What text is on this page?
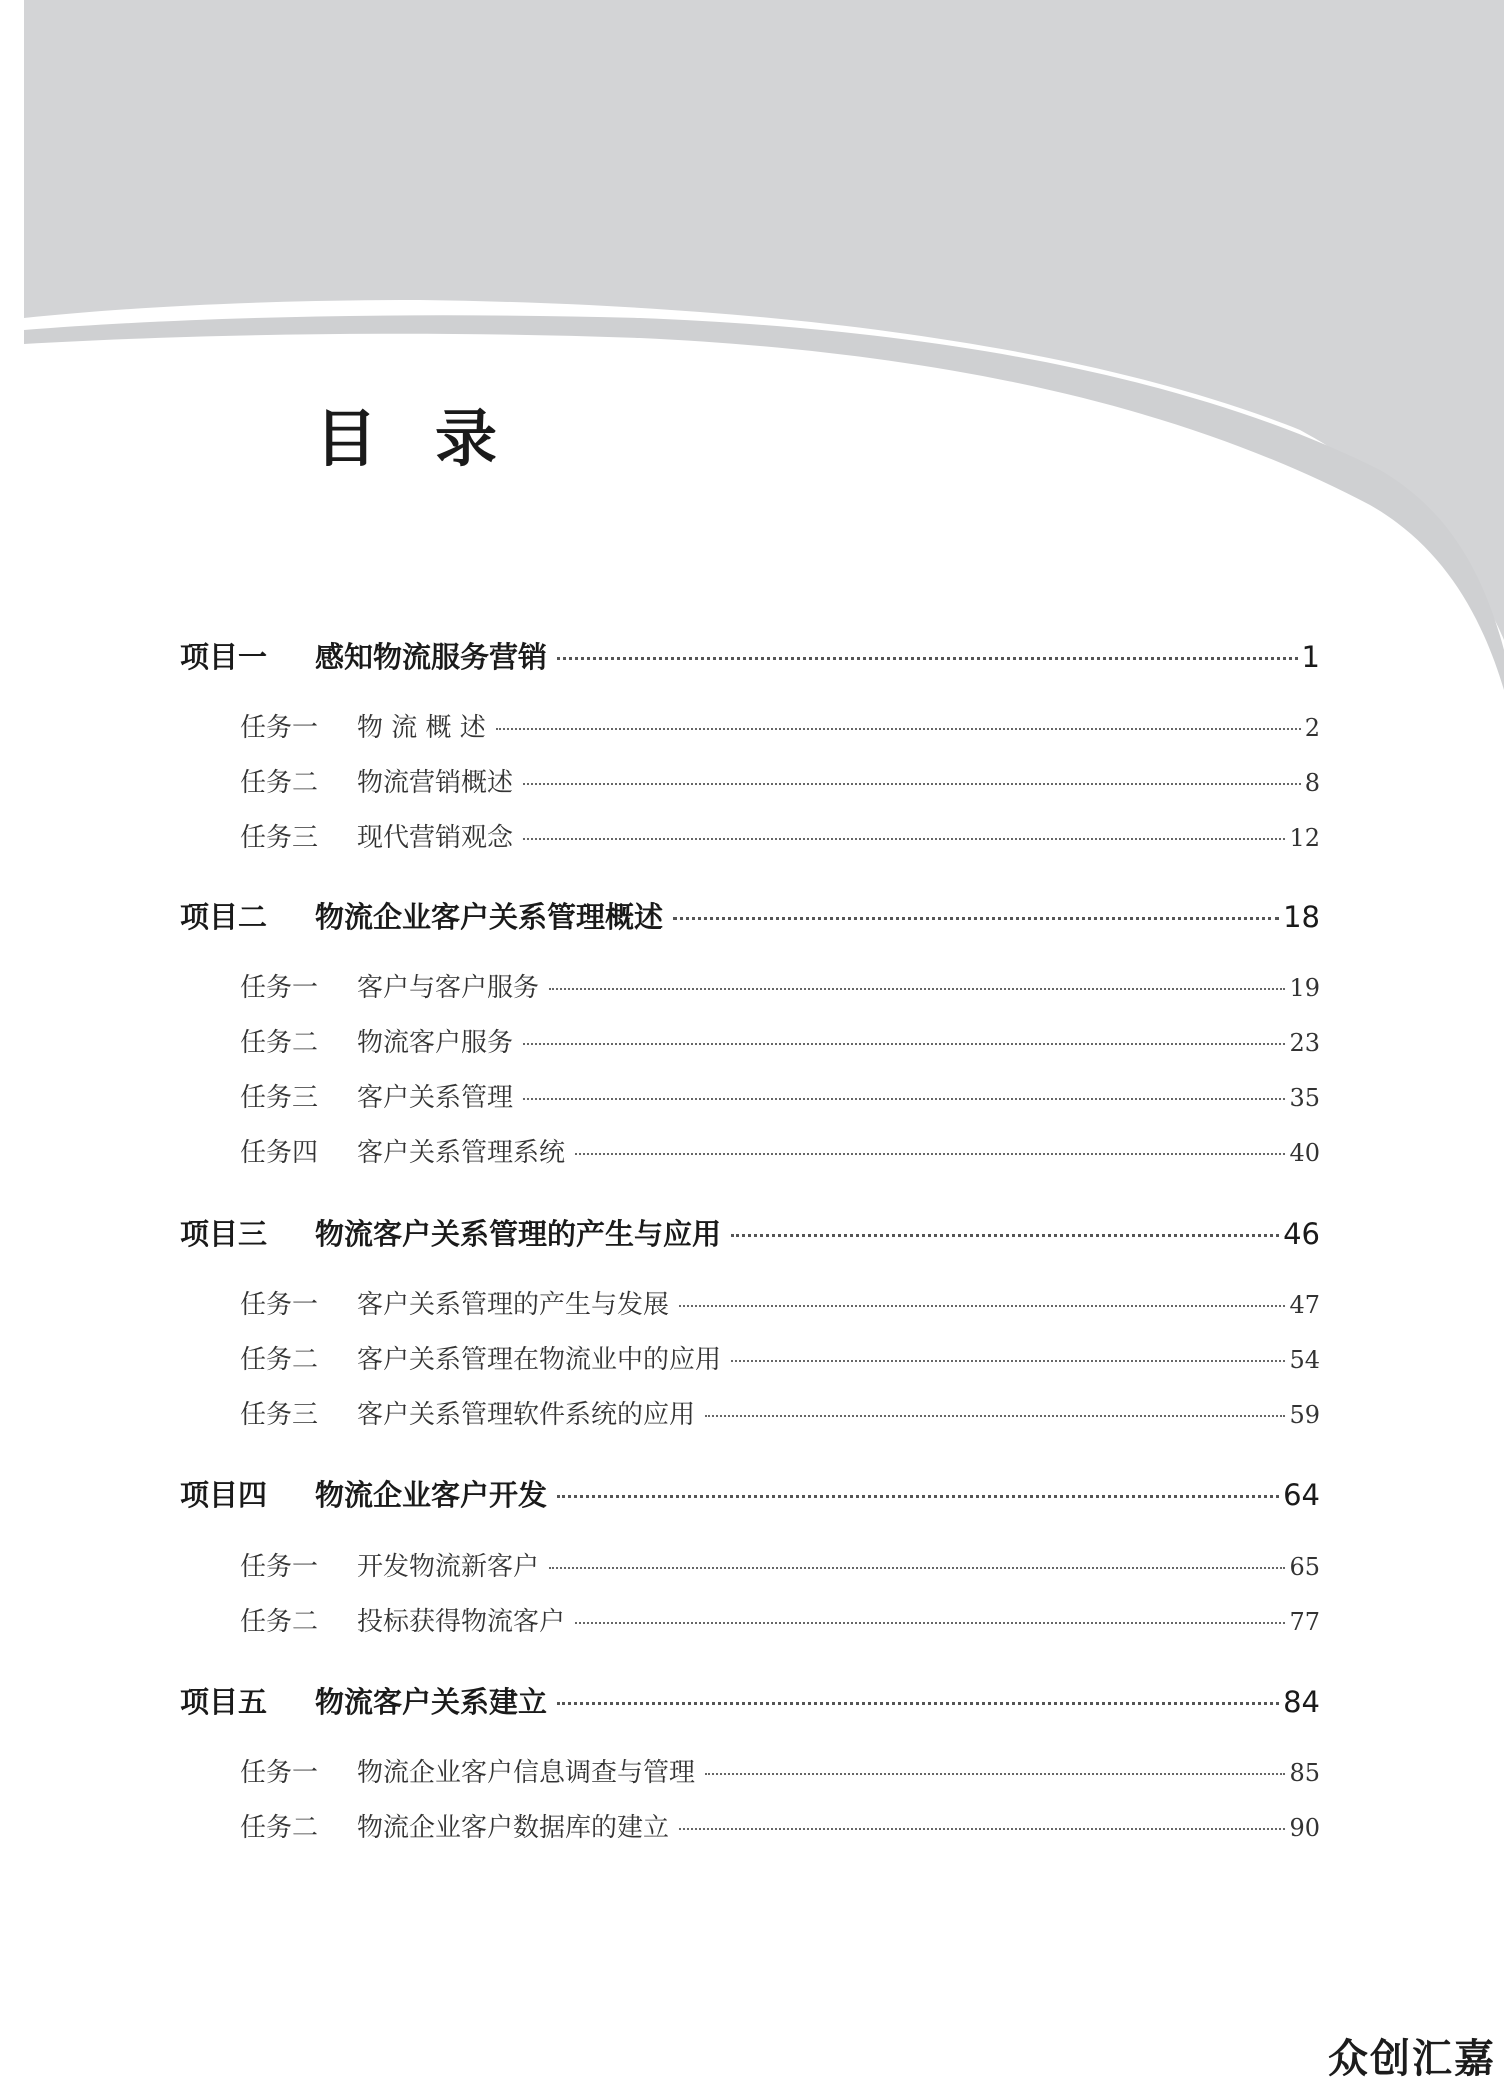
目 录
项目一	感知物流服务营销	1
任务一	物 流 概 述	2
任务二	物流营销概述	8
任务三	现代营销观念	12
项目二	物流企业客户关系管理概述	18
任务一	客户与客户服务	19
任务二	物流客户服务	23
任务三	客户关系管理	35
任务四	客户关系管理系统	40
项目三	物流客户关系管理的产生与应用	46
任务一	客户关系管理的产生与发展	47
任务二	客户关系管理在物流业中的应用	54
任务三	客户关系管理软件系统的应用	59
项目四	物流企业客户开发	64
任务一	开发物流新客户	65
任务二	投标获得物流客户	77
项目五	物流客户关系建立	84
任务一	物流企业客户信息调查与管理	85
任务二	物流企业客户数据库的建立	90
众创汇嘉
